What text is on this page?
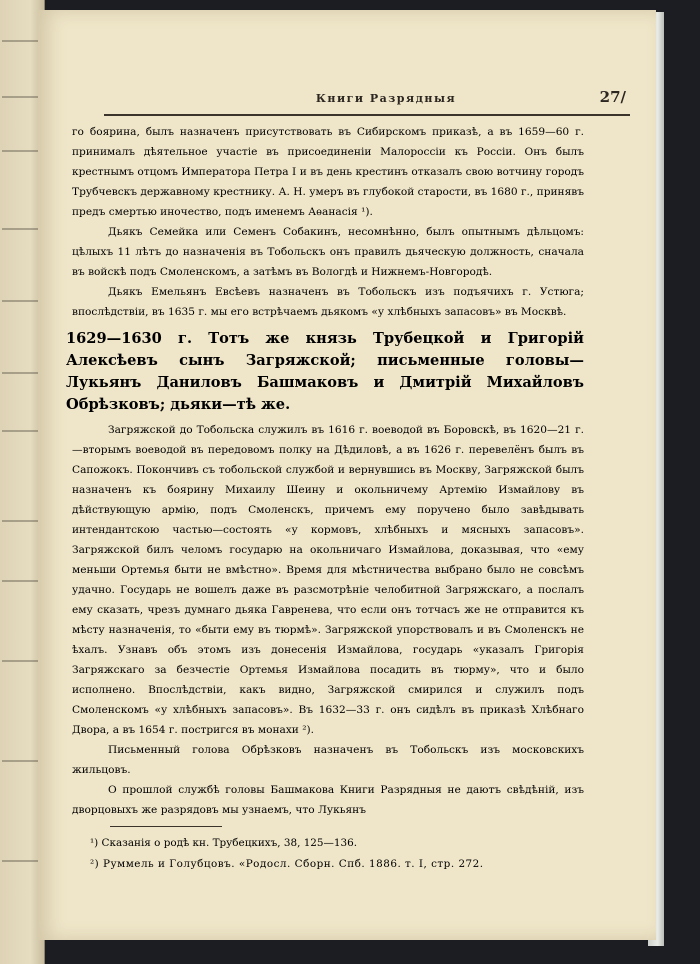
Книги Разрядныя	27/

го боярина, былъ назначенъ присутствовать въ Сибирскомъ приказѣ, а въ 1659—60 г. принималъ дѣятельное участіе въ присоединеніи Малороссіи къ Россіи. Онъ былъ крестнымъ отцомъ Императора Петра I и въ день крестинъ отказалъ свою вотчину городъ Трубчевскъ державному крестнику. А. Н. умеръ въ глубокой старости, въ 1680 г., принявъ предъ смертью иночество, подъ именемъ Аѳанасія ¹).

Дьякъ Семейка или Семенъ Собакинъ, несомнѣнно, былъ опытнымъ дѣльцомъ: цѣлыхъ 11 лѣтъ до назначенія въ Тобольскъ онъ правилъ дьяческую должность, сначала въ войскѣ подъ Смоленскомъ, а затѣмъ въ Вологдѣ и Нижнемъ-Новгородѣ.

Дьякъ Емельянъ Евсѣевъ назначенъ въ Тобольскъ изъ подъячихъ г. Устюга; впослѣдствіи, въ 1635 г. мы его встрѣчаемъ дьякомъ «у хлѣбныхъ запасовъ» въ Москвѣ.

1629—1630 г. Тотъ же князь Трубецкой и Григорій Алексѣевъ сынъ Загряжской; письменные головы—Лукьянъ Даниловъ Башмаковъ и Дмитрій Михайловъ Обрѣзковъ; дьяки—тѣ же.

Загряжской до Тобольска служилъ въ 1616 г. воеводой въ Боровскѣ, въ 1620—21 г.—вторымъ воеводой въ передовомъ полку на Дѣдиловѣ, а въ 1626 г. перевелёнъ былъ въ Сапожокъ. Покончивъ съ тобольской службой и вернувшись въ Москву, Загряжской былъ назначенъ къ боярину Михаилу Шеину и окольничему Артемію Измайлову въ дѣйствующую армію, подъ Смоленскъ, причемъ ему поручено было завѣдывать интендантскою частью—состоять «у кормовъ, хлѣбныхъ и мясныхъ запасовъ». Загряжской билъ челомъ государю на окольничаго Измайлова, доказывая, что «ему меньши Ортемья быти не вмѣстно». Время для мѣстничества выбрано было не совсѣмъ удачно. Государь не вошелъ даже въ разсмотрѣніе челобитной Загряжскаго, а послалъ ему сказать, чрезъ думнаго дьяка Гавренева, что если онъ тотчасъ же не отправится къ мѣсту назначенія, то «быти ему въ тюрмѣ». Загряжской упорствовалъ и въ Смоленскъ не ѣхалъ. Узнавъ объ этомъ изъ донесенія Измайлова, государь «указалъ Григорія Загряжскаго за безчестіе Ортемья Измайлова посадить въ тюрму», что и было исполнено. Впослѣдствіи, какъ видно, Загряжской смирился и служилъ подъ Смоленскомъ «у хлѣбныхъ запасовъ». Въ 1632—33 г. онъ сидѣлъ въ приказѣ Хлѣбнаго Двора, а въ 1654 г. постригся въ монахи ²).

Письменный голова Обрѣзковъ назначенъ въ Тобольскъ изъ московскихъ жильцовъ.

О прошлой службѣ головы Башмакова Книги Разрядныя не даютъ свѣдѣній, изъ дворцовыхъ же разрядовъ мы узнаемъ, что Лукьянъ

¹) Сказанія о родѣ кн. Трубецкихъ, 38, 125—136.

²) Руммель и Голубцовъ. «Родосл. Сборн. Спб. 1886. т. I, стр. 272.
